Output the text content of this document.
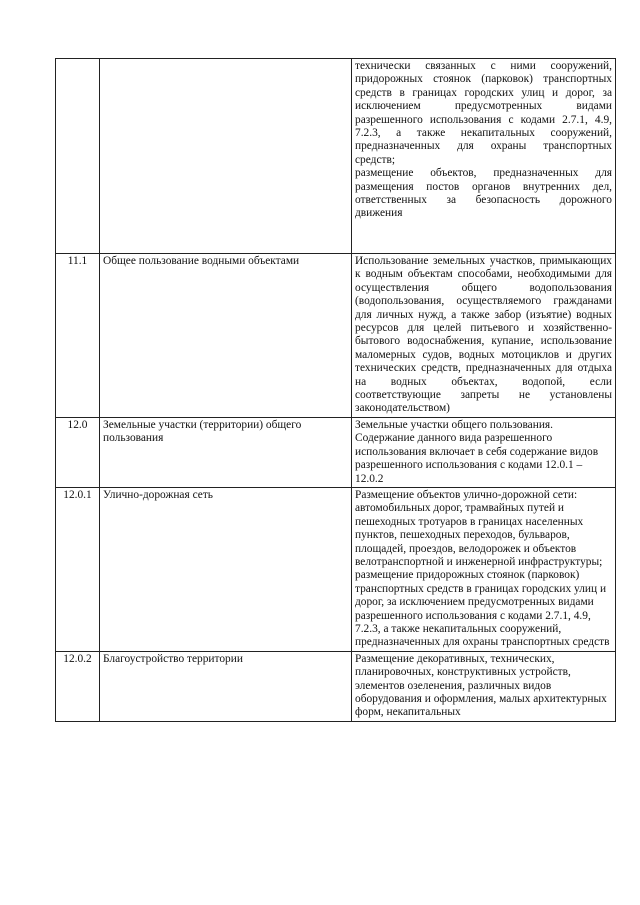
		технически связанных с ними сооружений, придорожных стоянок (парковок) транспортных средств в границах городских улиц и дорог, за исключением предусмотренных видами разрешенного использования с кодами 2.7.1, 4.9, 7.2.3, а также некапитальных сооружений, предназначенных для охраны транспортных средств;

размещение объектов, предназначенных для размещения постов органов внутренних дел, ответственных за безопасность дорожного движения

11.1	Общее пользование водными объектами	Использование земельных участков, примыкающих к водным объектам способами, необходимыми для осуществления общего водопользования (водопользования, осуществляемого гражданами для личных нужд, а также забор (изъятие) водных ресурсов для целей питьевого и хозяйственно-бытового водоснабжения, купание, использование маломерных судов, водных мотоциклов и других технических средств, предназначенных для отдыха на водных объектах, водопой, если соответствующие запреты не установлены законодательством)

12.0	Земельные участки (территории) общего пользования	Земельные участки общего пользования. Содержание данного вида разрешенного использования включает в себя содержание видов разрешенного использования с кодами 12.0.1 – 12.0.2

12.0.1	Улично-дорожная сеть	Размещение объектов улично-дорожной сети: автомобильных дорог, трамвайных путей и пешеходных тротуаров в границах населенных пунктов, пешеходных переходов, бульваров, площадей, проездов, велодорожек и объектов велотранспортной и инженерной инфраструктуры; размещение придорожных стоянок (парковок) транспортных средств в границах городских улиц и дорог, за исключением предусмотренных видами разрешенного использования с кодами 2.7.1, 4.9, 7.2.3, а также некапитальных сооружений, предназначенных для охраны транспортных средств

12.0.2	Благоустройство территории	Размещение декоративных, технических, планировочных, конструктивных устройств, элементов озеленения, различных видов оборудования и оформления, малых архитектурных форм, некапитальных
